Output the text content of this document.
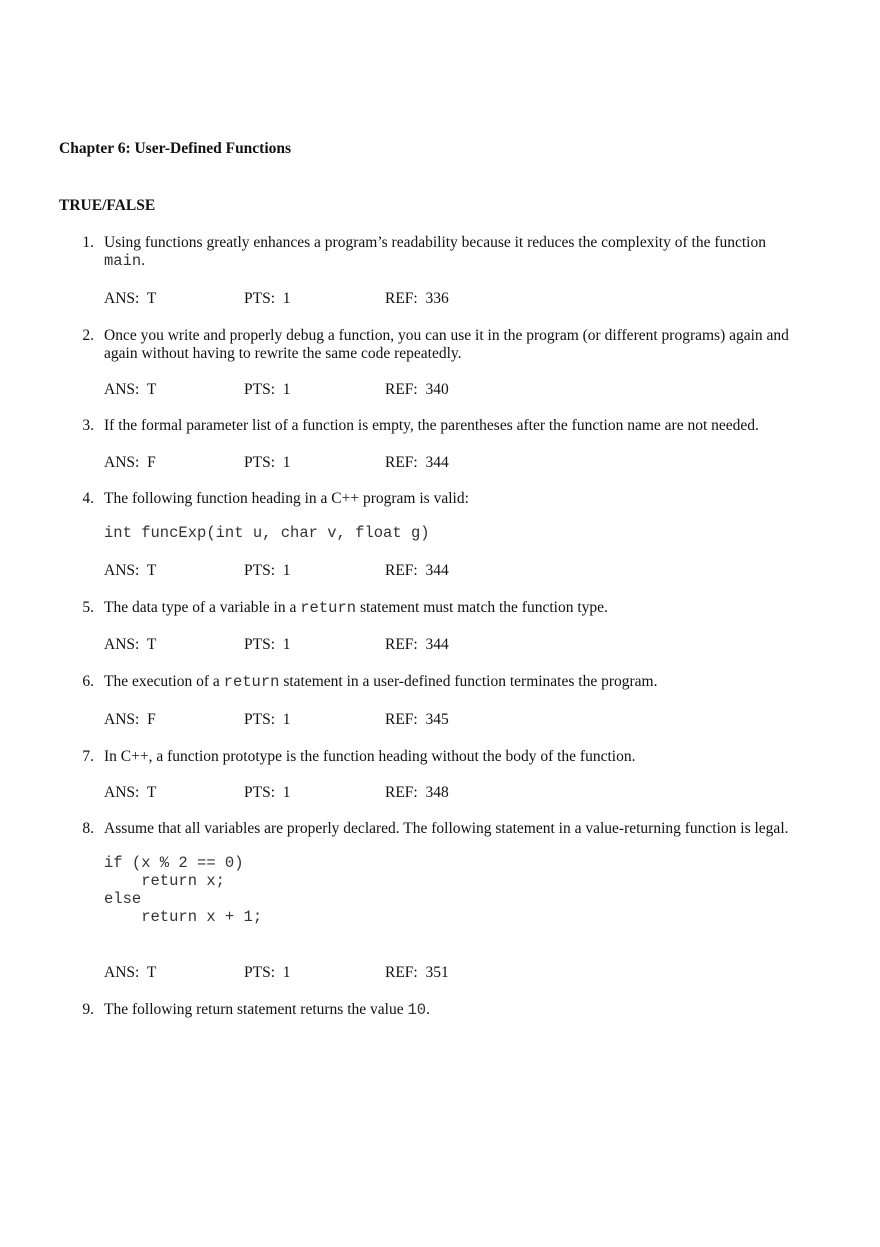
Chapter 6: User-Defined Functions
TRUE/FALSE
1. Using functions greatly enhances a program’s readability because it reduces the complexity of the function main.
ANS: T	PTS: 1	REF: 336
2. Once you write and properly debug a function, you can use it in the program (or different programs) again and again without having to rewrite the same code repeatedly.
ANS: T	PTS: 1	REF: 340
3. If the formal parameter list of a function is empty, the parentheses after the function name are not needed.
ANS: F	PTS: 1	REF: 344
4. The following function heading in a C++ program is valid:
int funcExp(int u, char v, float g)
ANS: T	PTS: 1	REF: 344
5. The data type of a variable in a return statement must match the function type.
ANS: T	PTS: 1	REF: 344
6. The execution of a return statement in a user-defined function terminates the program.
ANS: F	PTS: 1	REF: 345
7. In C++, a function prototype is the function heading without the body of the function.
ANS: T	PTS: 1	REF: 348
8. Assume that all variables are properly declared. The following statement in a value-returning function is legal.
if (x % 2 == 0)
return x;
else
return x + 1;
ANS: T	PTS: 1	REF: 351
9. The following return statement returns the value 10.
